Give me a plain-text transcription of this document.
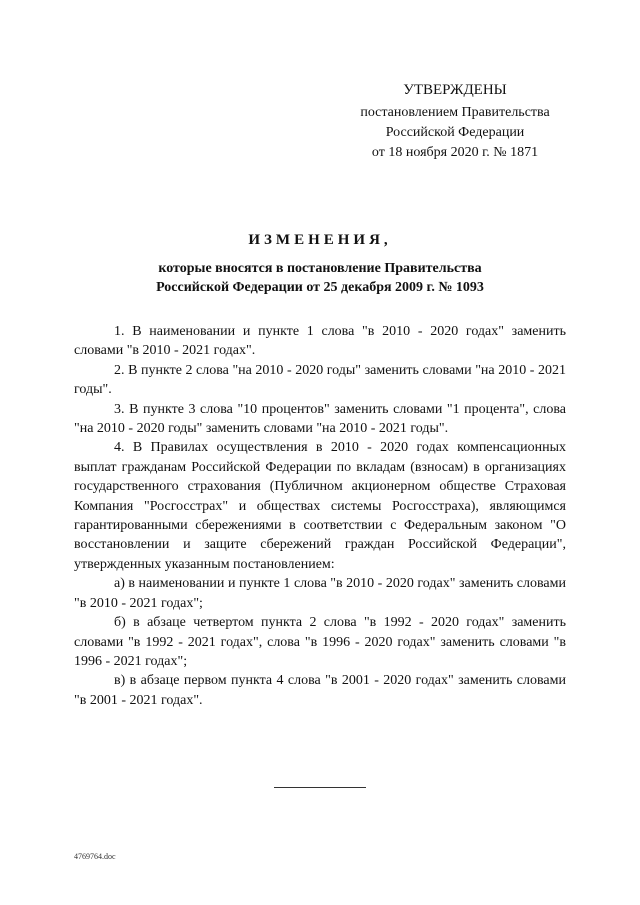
УТВЕРЖДЕНЫ
постановлением Правительства
Российской Федерации
от 18 ноября 2020 г. № 1871
ИЗМЕНЕНИЯ,
которые вносятся в постановление Правительства
Российской Федерации от 25 декабря 2009 г. № 1093

1. В наименовании и пункте 1 слова "в 2010 - 2020 годах" заменить словами "в 2010 - 2021 годах".

2. В пункте 2 слова "на 2010 - 2020 годы" заменить словами "на 2010 - 2021 годы".

3. В пункте 3 слова "10 процентов" заменить словами "1 процента", слова "на 2010 - 2020 годы" заменить словами "на 2010 - 2021 годы".

4. В Правилах осуществления в 2010 - 2020 годах компенсационных выплат гражданам Российской Федерации по вкладам (взносам) в организациях государственного страхования (Публичном акционерном обществе Страховая Компания "Росгосстрах" и обществах системы Росгосстраха), являющимся гарантированными сбережениями в соответствии с Федеральным законом "О восстановлении и защите сбережений граждан Российской Федерации", утвержденных указанным постановлением:

а) в наименовании и пункте 1 слова "в 2010 - 2020 годах" заменить словами "в 2010 - 2021 годах";

б) в абзаце четвертом пункта 2 слова "в 1992 - 2020 годах" заменить словами "в 1992 - 2021 годах", слова "в 1996 - 2020 годах" заменить словами "в 1996 - 2021 годах";

в) в абзаце первом пункта 4 слова "в 2001 - 2020 годах" заменить словами "в 2001 - 2021 годах".

4769764.doc
